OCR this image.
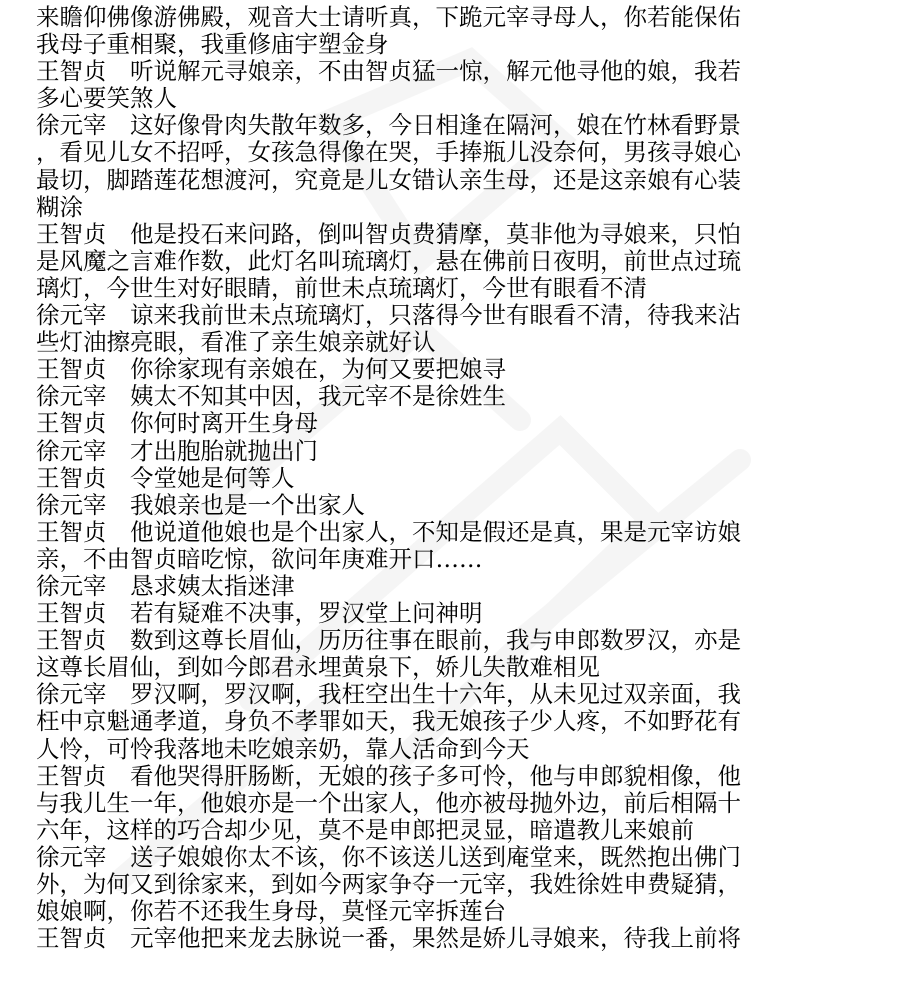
来瞻仰佛像游佛殿，观音大士请听真，下跪元宰寻母人，你若能保佑
我母子重相聚，我重修庙宇塑金身
王智贞　听说解元寻娘亲，不由智贞猛一惊，解元他寻他的娘，我若
多心要笑煞人
徐元宰　这好像骨肉失散年数多，今日相逢在隔河，娘在竹林看野景
，看见儿女不招呼，女孩急得像在哭，手捧瓶儿没奈何，男孩寻娘心
最切，脚踏莲花想渡河，究竟是儿女错认亲生母，还是这亲娘有心装
糊涂
王智贞　他是投石来问路，倒叫智贞费猜摩，莫非他为寻娘来，只怕
是风魔之言难作数，此灯名叫琉璃灯，悬在佛前日夜明，前世点过琉
璃灯，今世生对好眼睛，前世未点琉璃灯，今世有眼看不清
徐元宰　谅来我前世未点琉璃灯，只落得今世有眼看不清，待我来沾
些灯油擦亮眼，看准了亲生娘亲就好认
王智贞　你徐家现有亲娘在，为何又要把娘寻
徐元宰　姨太不知其中因，我元宰不是徐姓生
王智贞　你何时离开生身母
徐元宰　才出胞胎就抛出门
王智贞　令堂她是何等人
徐元宰　我娘亲也是一个出家人
王智贞　他说道他娘也是个出家人，不知是假还是真，果是元宰访娘
亲，不由智贞暗吃惊，欲问年庚难开口……
徐元宰　恳求姨太指迷津
王智贞　若有疑难不决事，罗汉堂上问神明
王智贞　数到这尊长眉仙，历历往事在眼前，我与申郎数罗汉，亦是
这尊长眉仙，到如今郎君永埋黄泉下，娇儿失散难相见
徐元宰　罗汉啊，罗汉啊，我枉空出生十六年，从未见过双亲面，我
枉中京魁通孝道，身负不孝罪如天，我无娘孩子少人疼，不如野花有
人怜，可怜我落地未吃娘亲奶，靠人活命到今天
王智贞　看他哭得肝肠断，无娘的孩子多可怜，他与申郎貌相像，他
与我儿生一年，他娘亦是一个出家人，他亦被母抛外边，前后相隔十
六年，这样的巧合却少见，莫不是申郎把灵显，暗遣教儿来娘前
徐元宰　送子娘娘你太不该，你不该送儿送到庵堂来，既然抱出佛门
外，为何又到徐家来，到如今两家争夺一元宰，我姓徐姓申费疑猜，
娘娘啊，你若不还我生身母，莫怪元宰拆莲台
王智贞　元宰他把来龙去脉说一番，果然是娇儿寻娘来，待我上前将
